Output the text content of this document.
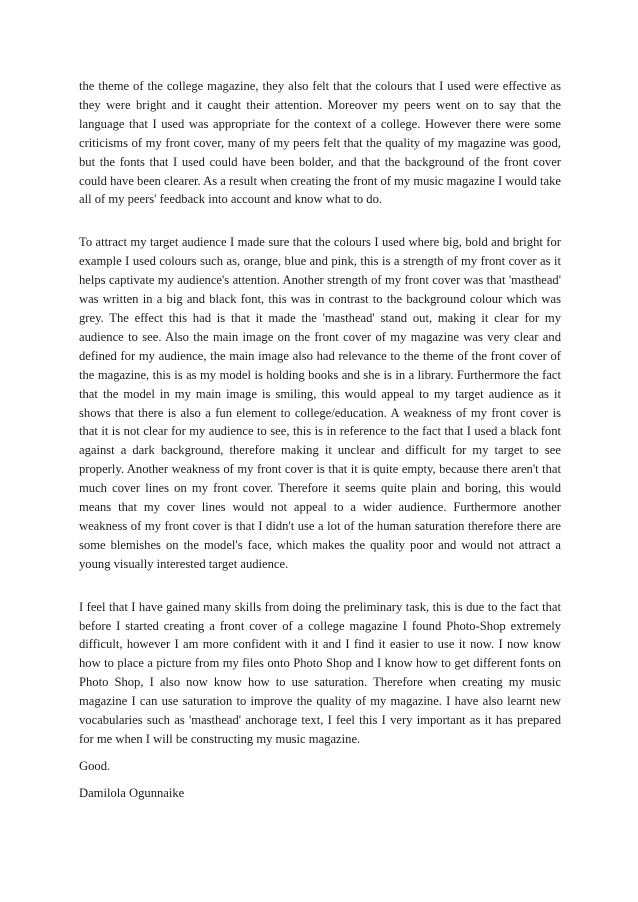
the theme of the college magazine, they also felt that the colours that I used were effective as they were bright and it caught their attention. Moreover my peers went on to say that the language that I used was appropriate for the context of a college. However there were some criticisms of my front cover, many of my peers felt that the quality of my magazine was good, but the fonts that I used could have been bolder, and that the background of the front cover could have been clearer. As a result when creating the front of my music magazine I would take all of my peers' feedback into account and know what to do.

To attract my target audience I made sure that the colours I used where big, bold and bright for example I used colours such as, orange, blue and pink, this is a strength of my front cover as it helps captivate my audience's attention. Another strength of my front cover was that 'masthead' was written in a big and black font, this was in contrast to the background colour which was grey. The effect this had is that it made the 'masthead' stand out, making it clear for my audience to see. Also the main image on the front cover of my magazine was very clear and defined for my audience, the main image also had relevance to the theme of the front cover of the magazine, this is as my model is holding books and she is in a library. Furthermore the fact that the model in my main image is smiling, this would appeal to my target audience as it shows that there is also a fun element to college/education. A weakness of my front cover is that it is not clear for my audience to see, this is in reference to the fact that I used a black font against a dark background, therefore making it unclear and difficult for my target to see properly. Another weakness of my front cover is that it is quite empty, because there aren't that much cover lines on my front cover. Therefore it seems quite plain and boring, this would means that my cover lines would not appeal to a wider audience. Furthermore another weakness of my front cover is that I didn't use a lot of the human saturation therefore there are some blemishes on the model's face, which makes the quality poor and would not attract a young visually interested target audience.

I feel that I have gained many skills from doing the preliminary task, this is due to the fact that before I started creating a front cover of a college magazine I found Photo-Shop extremely difficult, however I am more confident with it and I find it easier to use it now. I now know how to place a picture from my files onto Photo Shop and I know how to get different fonts on Photo Shop, I also now know how to use saturation. Therefore when creating my music magazine I can use saturation to improve the quality of my magazine. I have also learnt new vocabularies such as 'masthead' anchorage text, I feel this I very important as it has prepared for me when I will be constructing my music magazine.

Good.

Damilola Ogunnaike
